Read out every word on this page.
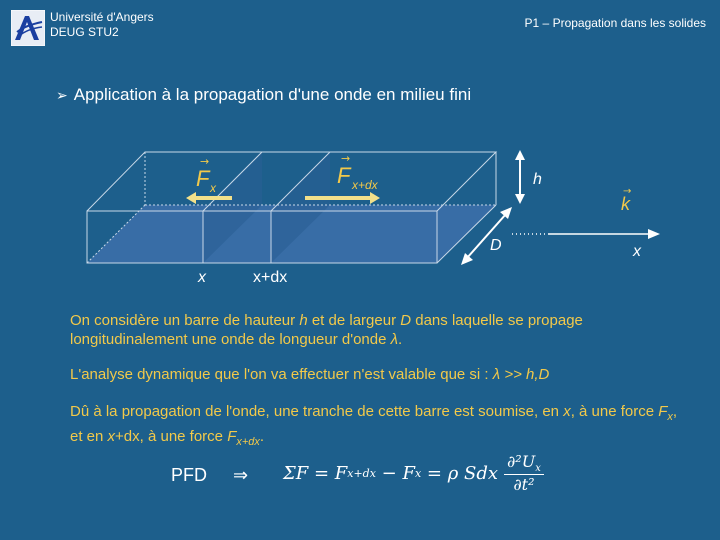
Université d'Angers
DEUG STU2
P1 – Propagation dans les solides
➢ Application à la propagation d'une onde en milieu fini
→
F x
→
F x+dx	h
D
→
k
x
x	x+dx
On considère un barre de hauteur h et de largeur D dans laquelle se propage longitudinalement une onde de longueur d'onde λ.
L'analyse dynamique que l'on va effectuer n'est valable que si : λ >> h,D
Dû à la propagation de l'onde, une tranche de cette barre est soumise, en x, à une force $F_x$, et en x+dx, à une force $F_{x+dx}$.
PFD ⇒ ΣF = F x+dx − F x = ρ Sdx $\frac{\partial^2U_x}{\text{∂t²}}$
